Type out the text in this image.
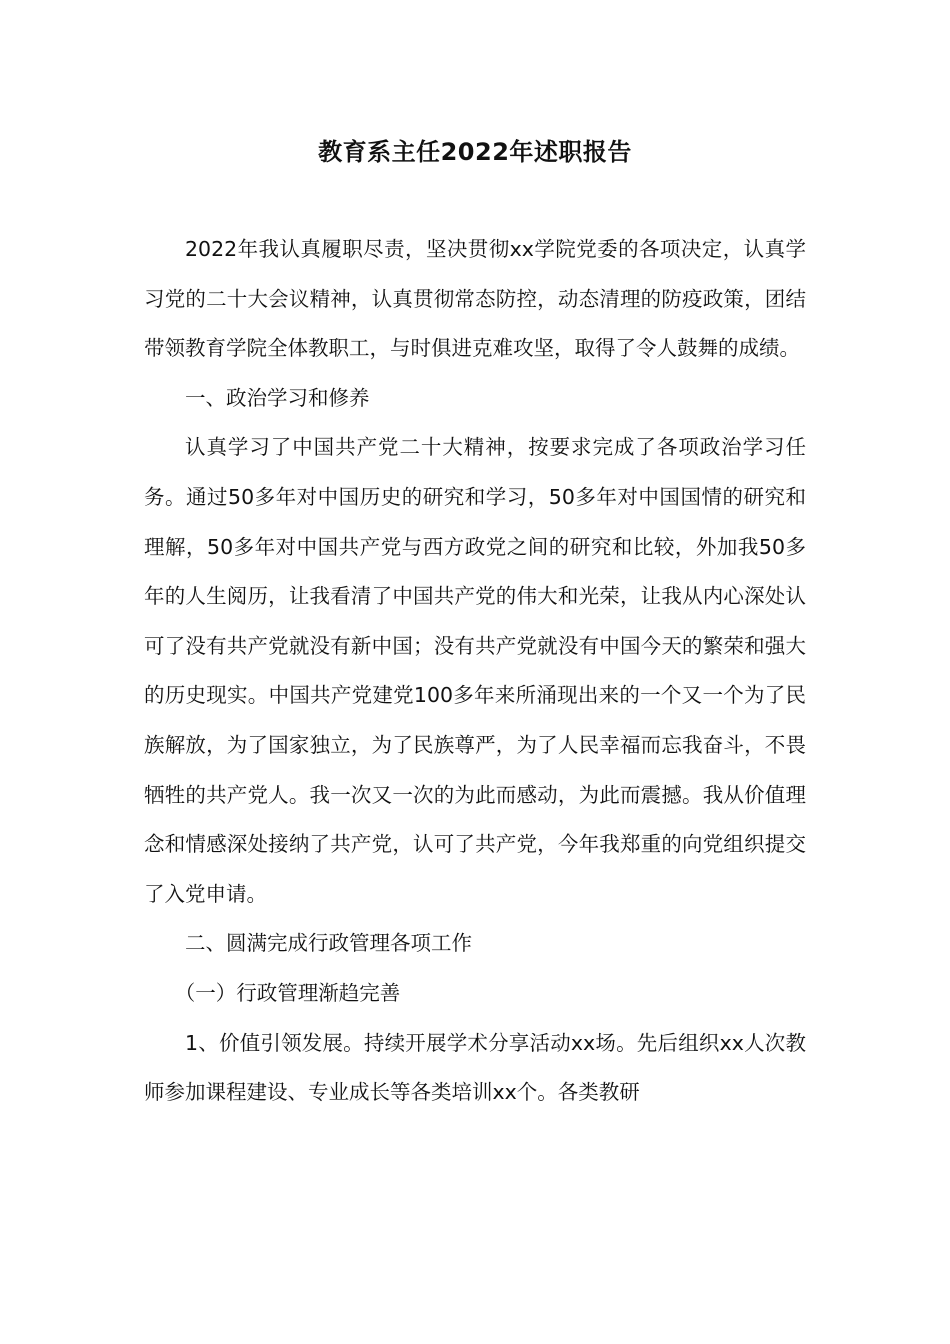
教育系主任2022年述职报告

2022年我认真履职尽责，坚决贯彻xx学院党委的各项决定，认真学习党的二十大会议精神，认真贯彻常态防控，动态清理的防疫政策，团结带领教育学院全体教职工，与时俱进克难攻坚，取得了令人鼓舞的成绩。

一、政治学习和修养

认真学习了中国共产党二十大精神，按要求完成了各项政治学习任务。通过50多年对中国历史的研究和学习，50多年对中国国情的研究和理解，50多年对中国共产党与西方政党之间的研究和比较，外加我50多年的人生阅历，让我看清了中国共产党的伟大和光荣，让我从内心深处认可了没有共产党就没有新中国；没有共产党就没有中国今天的繁荣和强大的历史现实。中国共产党建党100多年来所涌现出来的一个又一个为了民族解放，为了国家独立，为了民族尊严，为了人民幸福而忘我奋斗，不畏牺牲的共产党人。我一次又一次的为此而感动，为此而震撼。我从价值理念和情感深处接纳了共产党，认可了共产党，今年我郑重的向党组织提交了入党申请。

二、圆满完成行政管理各项工作

（一）行政管理渐趋完善

1、价值引领发展。持续开展学术分享活动xx场。先后组织xx人次教师参加课程建设、专业成长等各类培训xx个。各类教研
